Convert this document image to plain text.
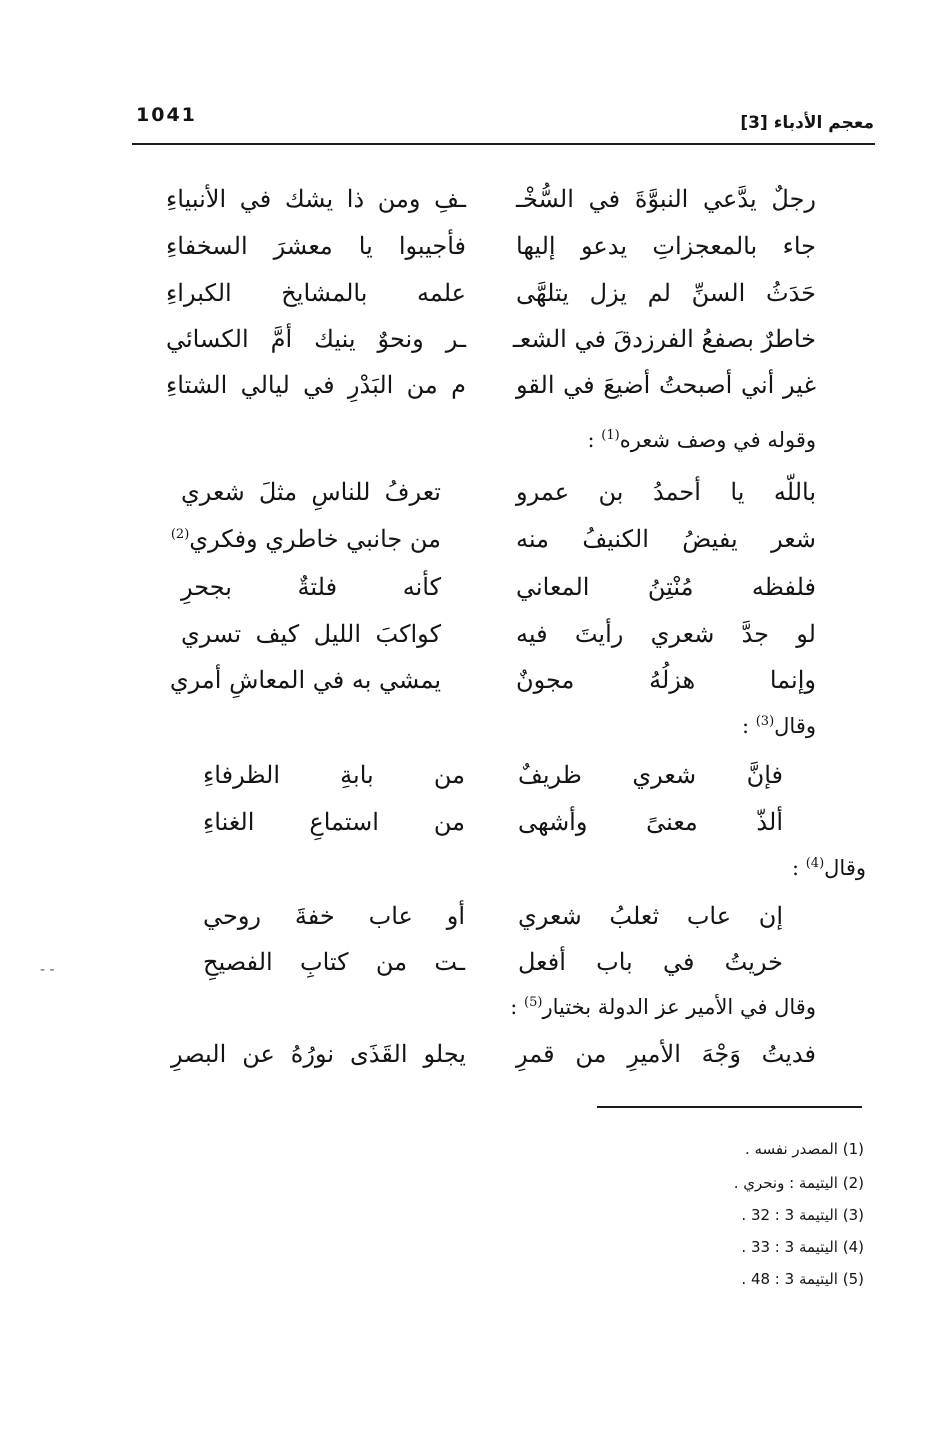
1041	معجم الأدباء [3]
رجلٌ يدَّعي النبوَّةَ في السُّخْـ
ـفِ ومن ذا يشك في الأنبياءِ
جاء بالمعجزاتِ يدعو إليها
فأجيبوا يا معشرَ السخفاءِ
حَدَثُ السنِّ لم يزل يتلهَّى
علمه بالمشايخ الكبراءِ
خاطرٌ بصفعُ الفرزدقَ في الشعـ
ـر ونحوٌ ينيك أمَّ الكسائي
غير أني أصبحتُ أضيعَ في القو
م من البَدْرِ في ليالي الشتاءِ
وقوله في وصف شعره$^{(1)}$ :
باللّه يا أحمدُ بن عمرو
تعرفُ للناسِ مثلَ شعري
شعر يفيضُ الكنيفُ منه
من جانبي خاطري وفكري$^{(2)}$
فلفظه مُنْتِنُ المعاني
كأنه فلتةٌ بجحرِ
لو جدَّ شعري رأيتَ فيه
كواكبَ الليل كيف تسري
وإنما هزلُهُ مجونٌ
يمشي به في المعاشِ أمري
وقال$^{(3)}$ :
فإنَّ شعري ظريفٌ
من بابةِ الظرفاءِ
ألذّ معنىً وأشهى
من استماعِ الغناءِ
وقال$^{(4)}$ :
إن عاب ثعلبُ شعري
أو عاب خفةَ روحي
خريتُ في باب أفعل
ـت من كتابِ الفصيحِ
وقال في الأمير عز الدولة بختيار$^{(5)}$ :
فديتُ وَجْهَ الأميرِ من قمرِ
يجلو القَذَى نورُهُ عن البصرِ
- -
(1) المصدر نفسه .
(2) اليتيمة : ونحري .
(3) اليتيمة 3 : 32 .
(4) اليتيمة 3 : 33 .
(5) اليتيمة 3 : 48 .
